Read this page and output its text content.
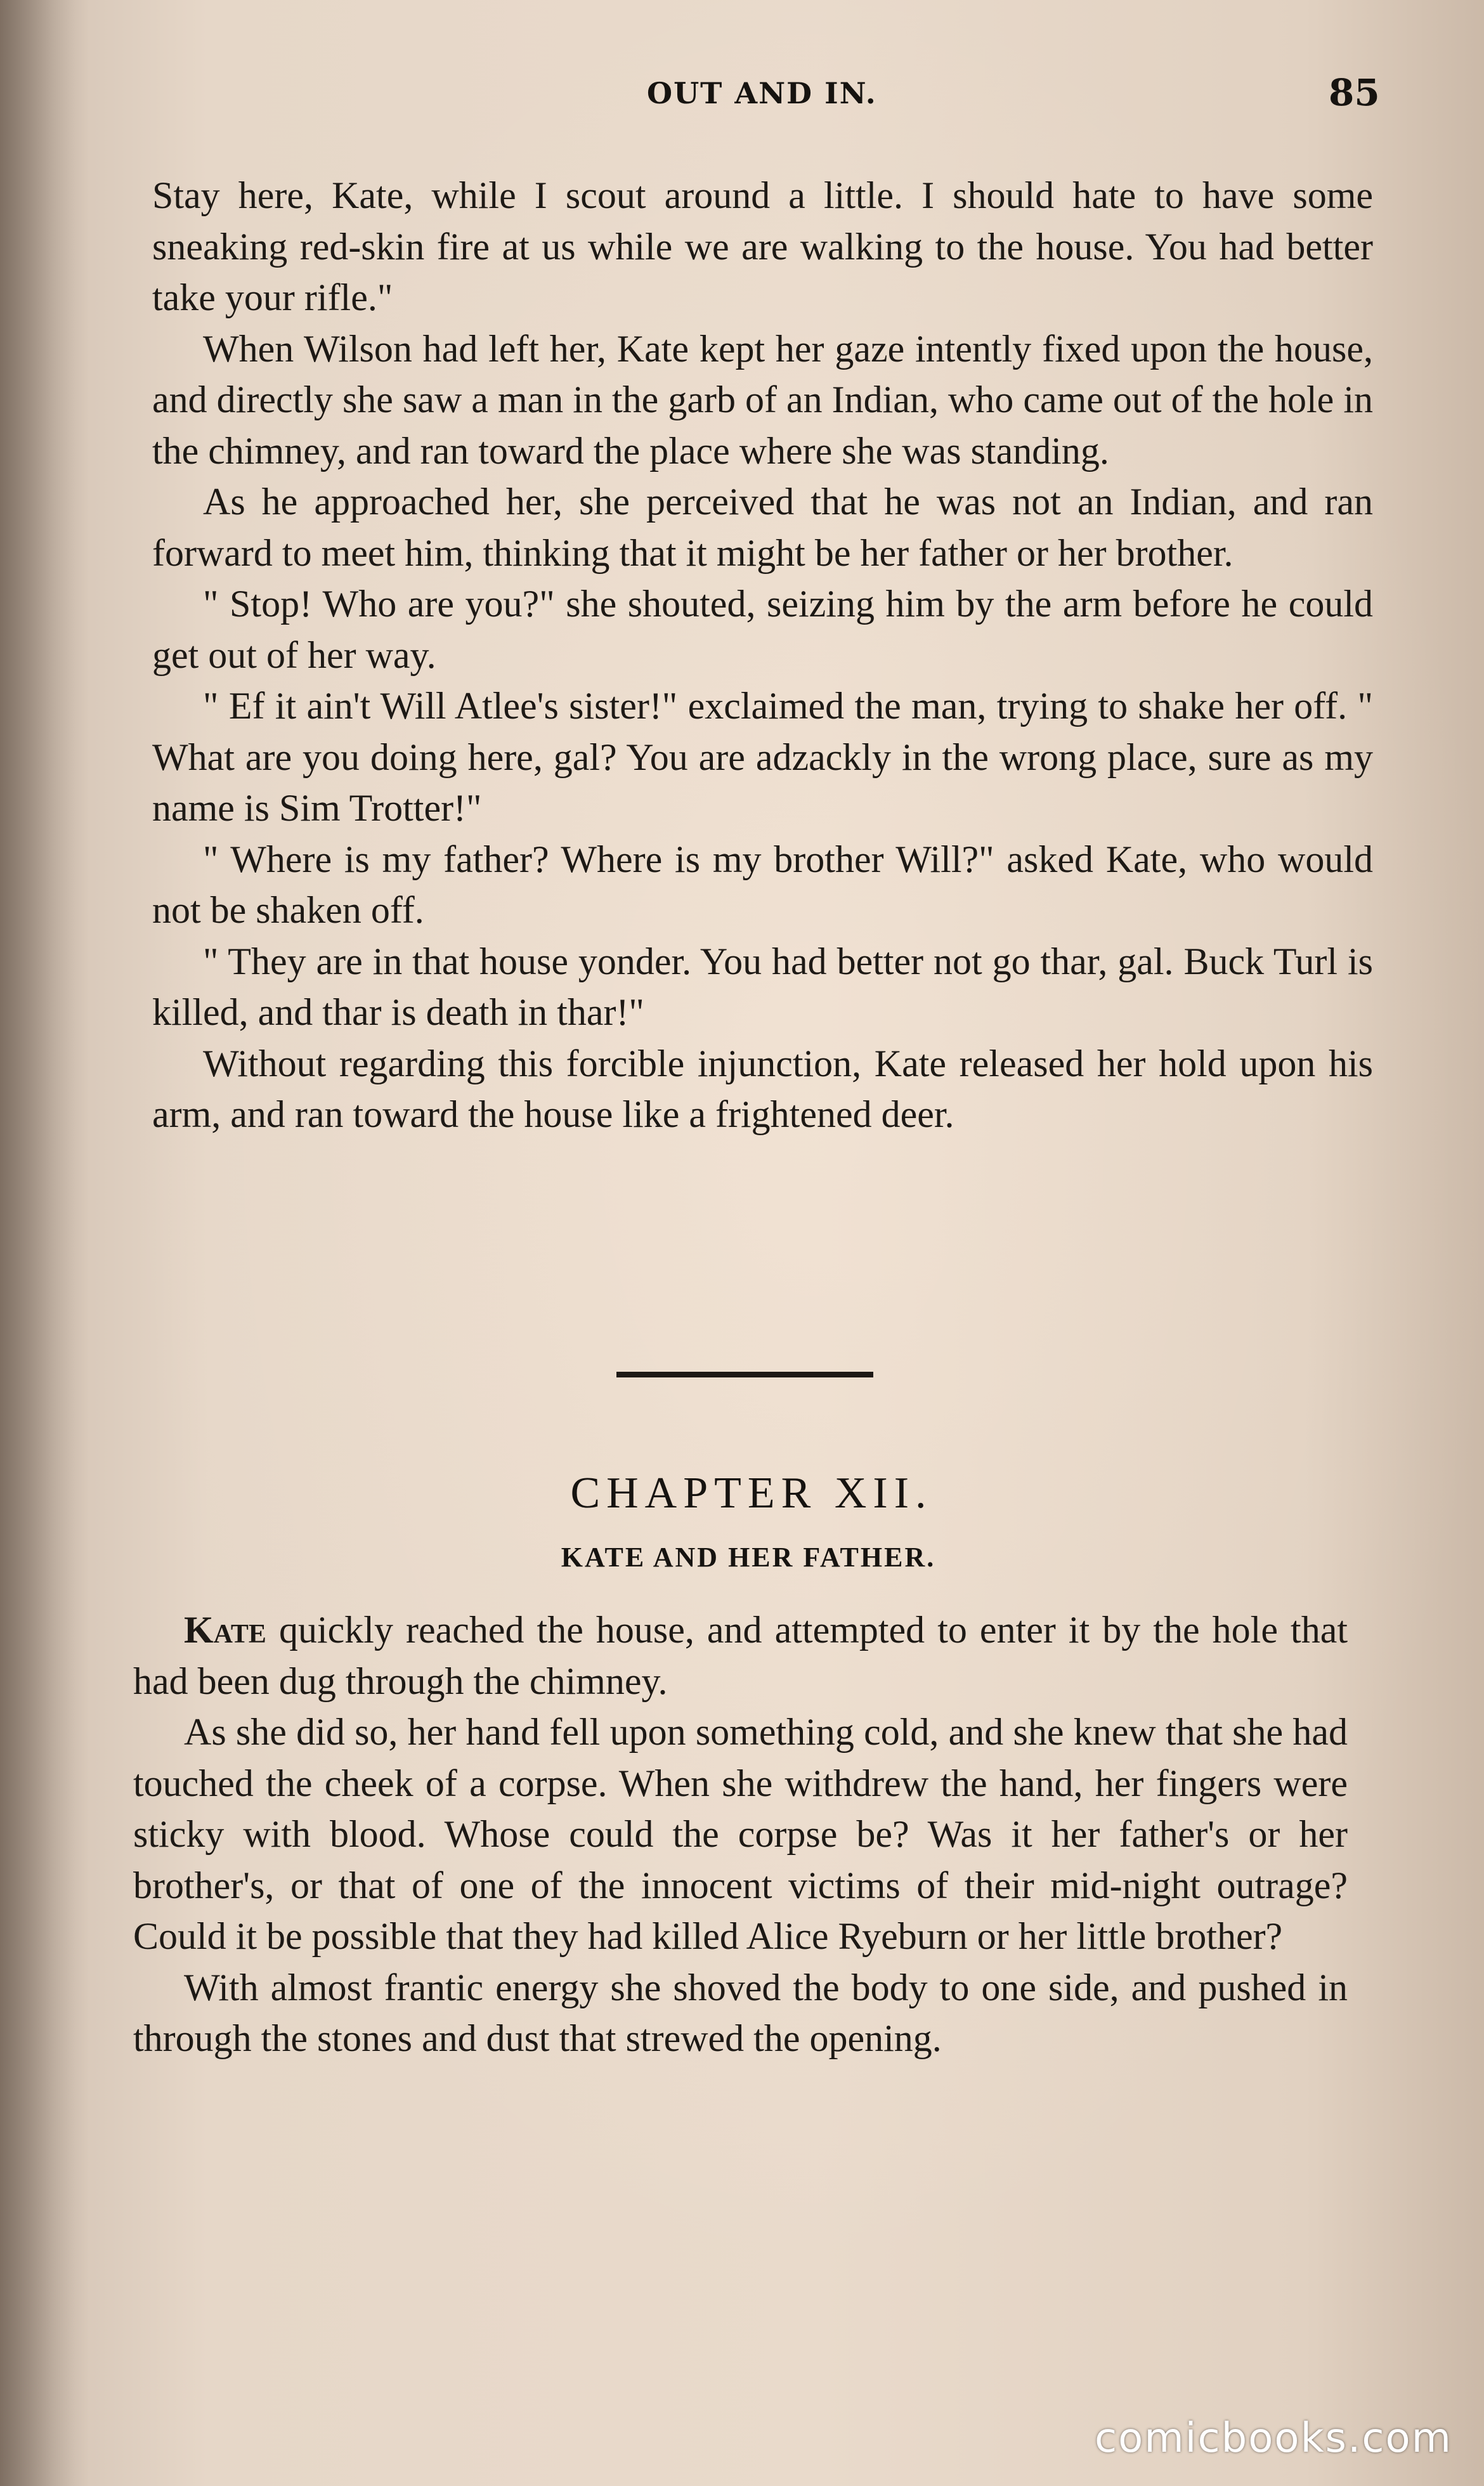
OUT AND IN.	85

Stay here, Kate, while I scout around a little. I should hate to have some sneaking red-skin fire at us while we are walking to the house. You had better take your rifle."

When Wilson had left her, Kate kept her gaze intently fixed upon the house, and directly she saw a man in the garb of an Indian, who came out of the hole in the chimney, and ran toward the place where she was standing.

As he approached her, she perceived that he was not an Indian, and ran forward to meet him, thinking that it might be her father or her brother.

" Stop! Who are you?" she shouted, seizing him by the arm before he could get out of her way.

" Ef it ain't Will Atlee's sister!" exclaimed the man, trying to shake her off. " What are you doing here, gal? You are adzackly in the wrong place, sure as my name is Sim Trotter!"

" Where is my father? Where is my brother Will?" asked Kate, who would not be shaken off.

" They are in that house yonder. You had better not go thar, gal. Buck Turl is killed, and thar is death in thar!"

Without regarding this forcible injunction, Kate released her hold upon his arm, and ran toward the house like a frightened deer.

CHAPTER XII.
KATE AND HER FATHER.

Kate quickly reached the house, and attempted to enter it by the hole that had been dug through the chimney.

As she did so, her hand fell upon something cold, and she knew that she had touched the cheek of a corpse. When she withdrew the hand, her fingers were sticky with blood. Whose could the corpse be? Was it her father's or her brother's, or that of one of the innocent victims of their mid-night outrage? Could it be possible that they had killed Alice Ryeburn or her little brother?

With almost frantic energy she shoved the body to one side, and pushed in through the stones and dust that strewed the opening.

comicbooks.com
